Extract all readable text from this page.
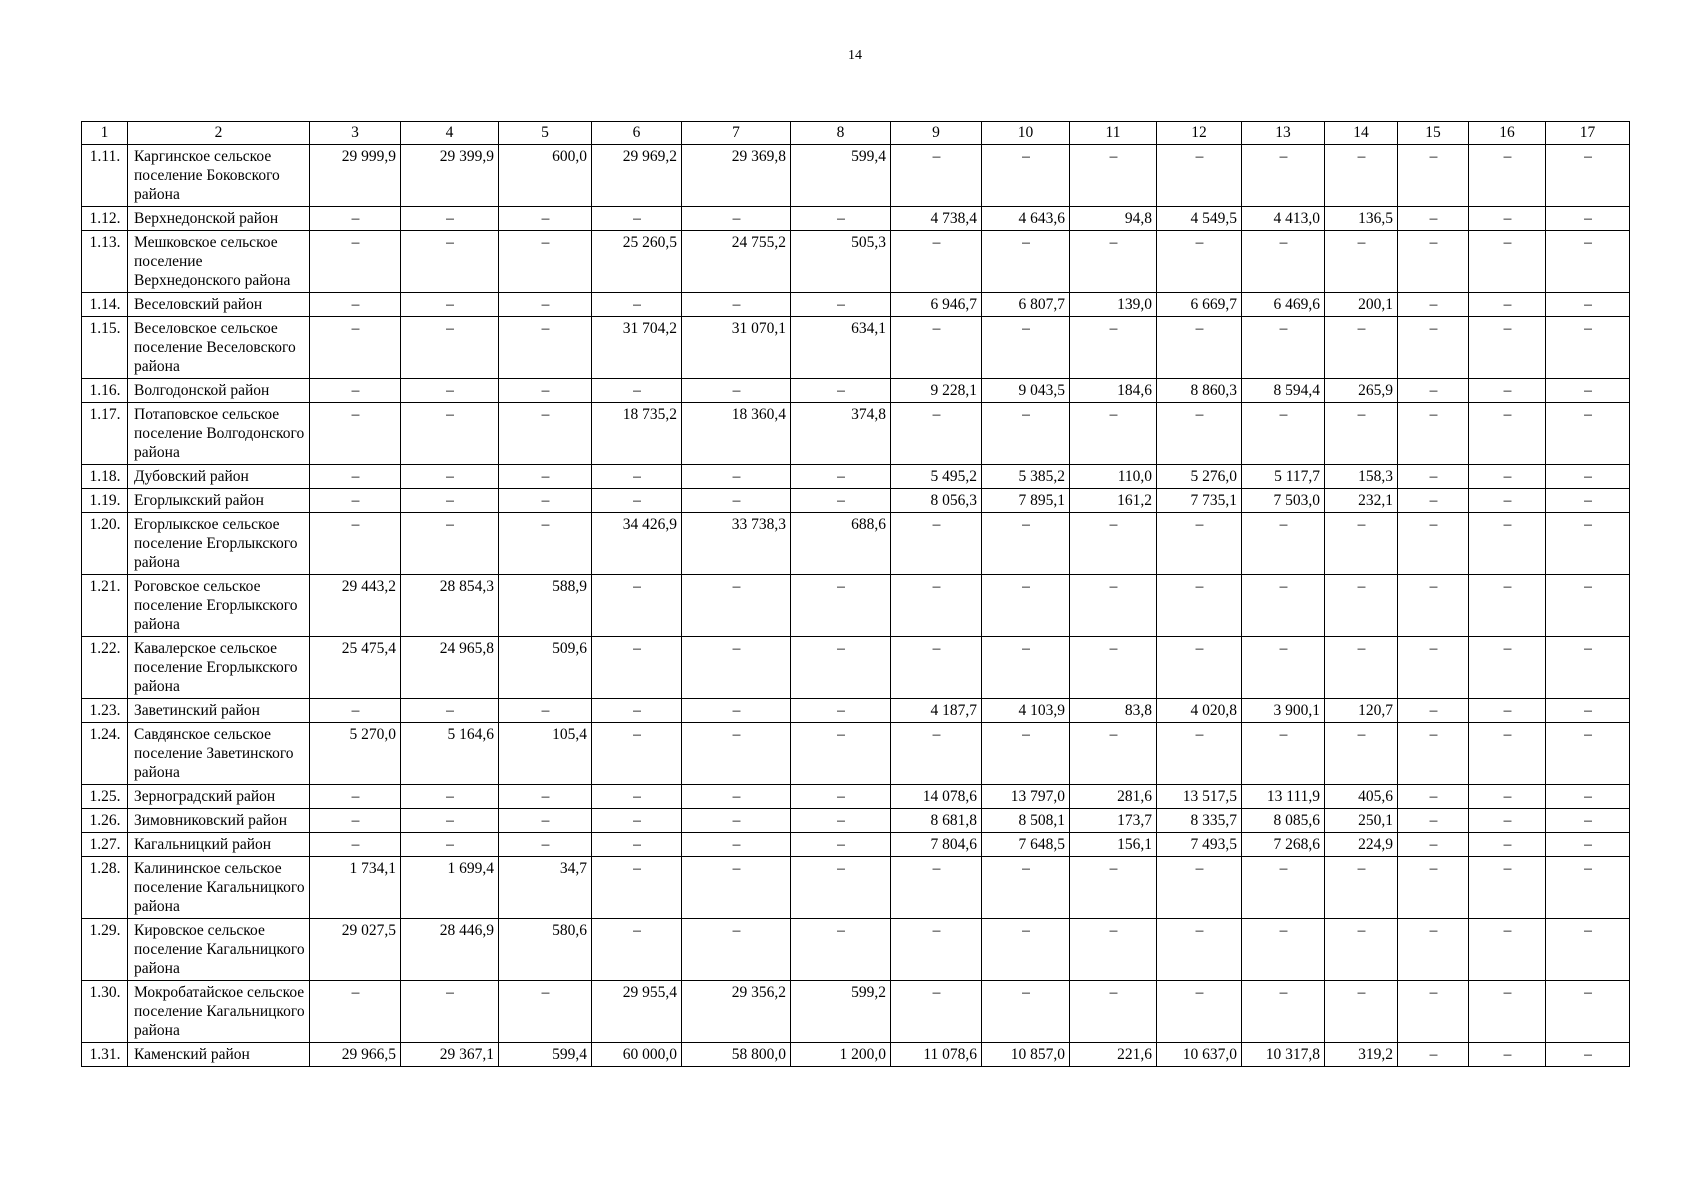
14
1	2	3	4	5	6	7	8	9	10	11	12	13	14	15	16	17
1.11.	Каргинское сельское поселение Боковского района	29 999,9	29 399,9	600,0	29 969,2	29 369,8	599,4	–	–	–	–	–	–	–	–	–
1.12.	Верхнедонской район	–	–	–	–	–	–	4 738,4	4 643,6	94,8	4 549,5	4 413,0	136,5	–	–	–
1.13.	Мешковское сельское поселение Верхнедонского района	–	–	–	25 260,5	24 755,2	505,3	–	–	–	–	–	–	–	–	–
1.14.	Веселовский район	–	–	–	–	–	–	6 946,7	6 807,7	139,0	6 669,7	6 469,6	200,1	–	–	–
1.15.	Веселовское сельское поселение Веселовского района	–	–	–	31 704,2	31 070,1	634,1	–	–	–	–	–	–	–	–	–
1.16.	Волгодонской район	–	–	–	–	–	–	9 228,1	9 043,5	184,6	8 860,3	8 594,4	265,9	–	–	–
1.17.	Потаповское сельское поселение Волгодонского района	–	–	–	18 735,2	18 360,4	374,8	–	–	–	–	–	–	–	–	–
1.18.	Дубовский район	–	–	–	–	–	–	5 495,2	5 385,2	110,0	5 276,0	5 117,7	158,3	–	–	–
1.19.	Егорлыкский район	–	–	–	–	–	–	8 056,3	7 895,1	161,2	7 735,1	7 503,0	232,1	–	–	–
1.20.	Егорлыкское сельское поселение Егорлыкского района	–	–	–	34 426,9	33 738,3	688,6	–	–	–	–	–	–	–	–	–
1.21.	Роговское сельское поселение Егорлыкского района	29 443,2	28 854,3	588,9	–	–	–	–	–	–	–	–	–	–	–	–
1.22.	Кавалерское сельское поселение Егорлыкского района	25 475,4	24 965,8	509,6	–	–	–	–	–	–	–	–	–	–	–	–
1.23.	Заветинский район	–	–	–	–	–	–	4 187,7	4 103,9	83,8	4 020,8	3 900,1	120,7	–	–	–
1.24.	Савдянское сельское поселение Заветинского района	5 270,0	5 164,6	105,4	–	–	–	–	–	–	–	–	–	–	–	–
1.25.	Зерноградский район	–	–	–	–	–	–	14 078,6	13 797,0	281,6	13 517,5	13 111,9	405,6	–	–	–
1.26.	Зимовниковский район	–	–	–	–	–	–	8 681,8	8 508,1	173,7	8 335,7	8 085,6	250,1	–	–	–
1.27.	Кагальницкий район	–	–	–	–	–	–	7 804,6	7 648,5	156,1	7 493,5	7 268,6	224,9	–	–	–
1.28.	Калининское сельское поселение Кагальницкого района	1 734,1	1 699,4	34,7	–	–	–	–	–	–	–	–	–	–	–	–
1.29.	Кировское сельское поселение Кагальницкого района	29 027,5	28 446,9	580,6	–	–	–	–	–	–	–	–	–	–	–	–
1.30.	Мокробатайское сельское поселение Кагальницкого района	–	–	–	29 955,4	29 356,2	599,2	–	–	–	–	–	–	–	–	–
1.31.	Каменский район	29 966,5	29 367,1	599,4	60 000,0	58 800,0	1 200,0	11 078,6	10 857,0	221,6	10 637,0	10 317,8	319,2	–	–	–
